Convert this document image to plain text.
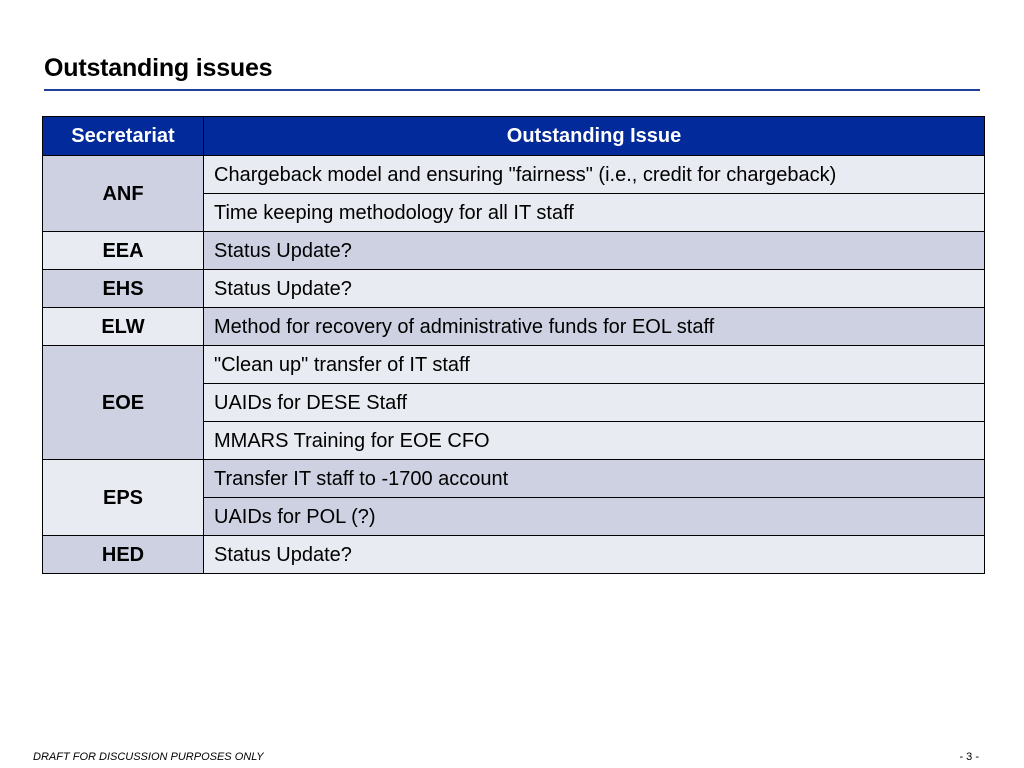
Outstanding issues
Secretariat	Outstanding Issue
ANF	Chargeback model and ensuring "fairness" (i.e., credit for chargeback)
	Time keeping methodology for all IT staff
EEA	Status Update?
EHS	Status Update?
ELW	Method for recovery of administrative funds for EOL staff
EOE	"Clean up" transfer of IT staff
	UAIDs for DESE Staff
	MMARS Training for EOE CFO
EPS	Transfer IT staff to -1700 account
	UAIDs for POL (?)
HED	Status Update?
DRAFT FOR DISCUSSION PURPOSES ONLY	- 3 -
